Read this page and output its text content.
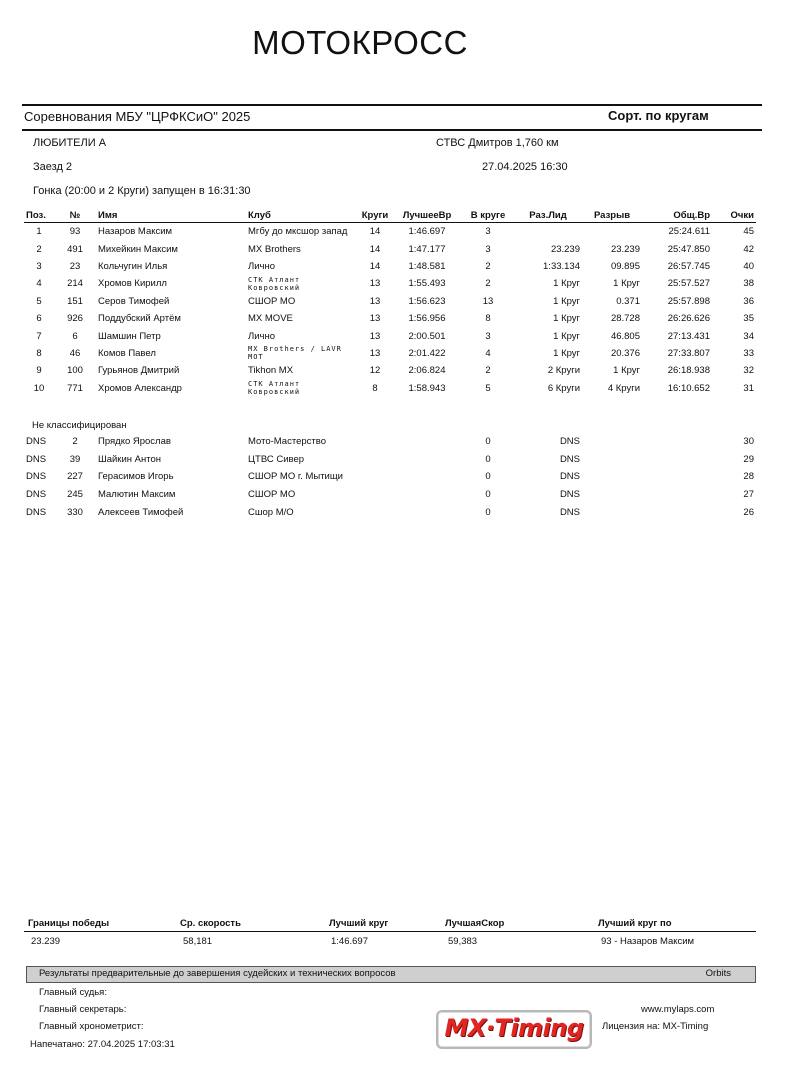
МОТОКРОСС
Соревнования МБУ "ЦРФКСиО" 2025	Сорт. по кругам
ЛЮБИТЕЛИ А	СТВС Дмитров 1,760 км
Заезд 2	27.04.2025 16:30
Гонка (20:00 и 2 Круги) запущен в 16:31:30
Поз.	№	Имя	Клуб	Круги	ЛучшееВр	В круге	Раз.Лид	Разрыв	Общ.Вр	Очки
1	93	Назаров Максим	Мгбу до мксшор запад	14	1:46.697	3			25:24.611	45
2	491	Михейкин Максим	MX Brothers	14	1:47.177	3	23.239	23.239	25:47.850	42
3	23	Кольчугин Илья	Лично	14	1:48.581	2	1:33.134	09.895	26:57.745	40
4	214	Хромов Кирилл	СТК Атлант Ковровский	13	1:55.493	2	1 Круг	1 Круг	25:57.527	38
5	151	Серов Тимофей	СШОР МО	13	1:56.623	13	1 Круг	0.371	25:57.898	36
6	926	Поддубский Артём	MX MOVE	13	1:56.956	8	1 Круг	28.728	26:26.626	35
7	6	Шамшин Петр	Лично	13	2:00.501	3	1 Круг	46.805	27:13.431	34
8	46	Комов Павел	MX Brothers / LAVR MOT	13	2:01.422	4	1 Круг	20.376	27:33.807	33
9	100	Гурьянов Дмитрий	Tikhon MX	12	2:06.824	2	2 Круги	1 Круг	26:18.938	32
10	771	Хромов Александр	СТК Атлант Ковровский	8	1:58.943	5	6 Круги	4 Круги	16:10.652	31
Не классифицирован
DNS	2	Прядко Ярослав	Мото-Мастерство			0	DNS			30
DNS	39	Шайкин Антон	ЦТВС Сивер			0	DNS			29
DNS	227	Герасимов Игорь	СШОР МО г. Мытищи			0	DNS			28
DNS	245	Малютин Максим	СШОР МО			0	DNS			27
DNS	330	Алексеев Тимофей	Сшор М/О			0	DNS			26
Границы победы	Ср. скорость	Лучший круг	ЛучшаяСкор	Лучший круг по
23.239	58,181	1:46.697	59,383	93 - Назаров Максим
Результаты предварительные до завершения судейских и технических вопросов	Orbits
Главный судья:
Главный секретарь:
Главный хронометрист:
Напечатано: 27.04.2025 17:03:31
www.mylaps.com
Лицензия на: MX-Timing
MX·Timing
